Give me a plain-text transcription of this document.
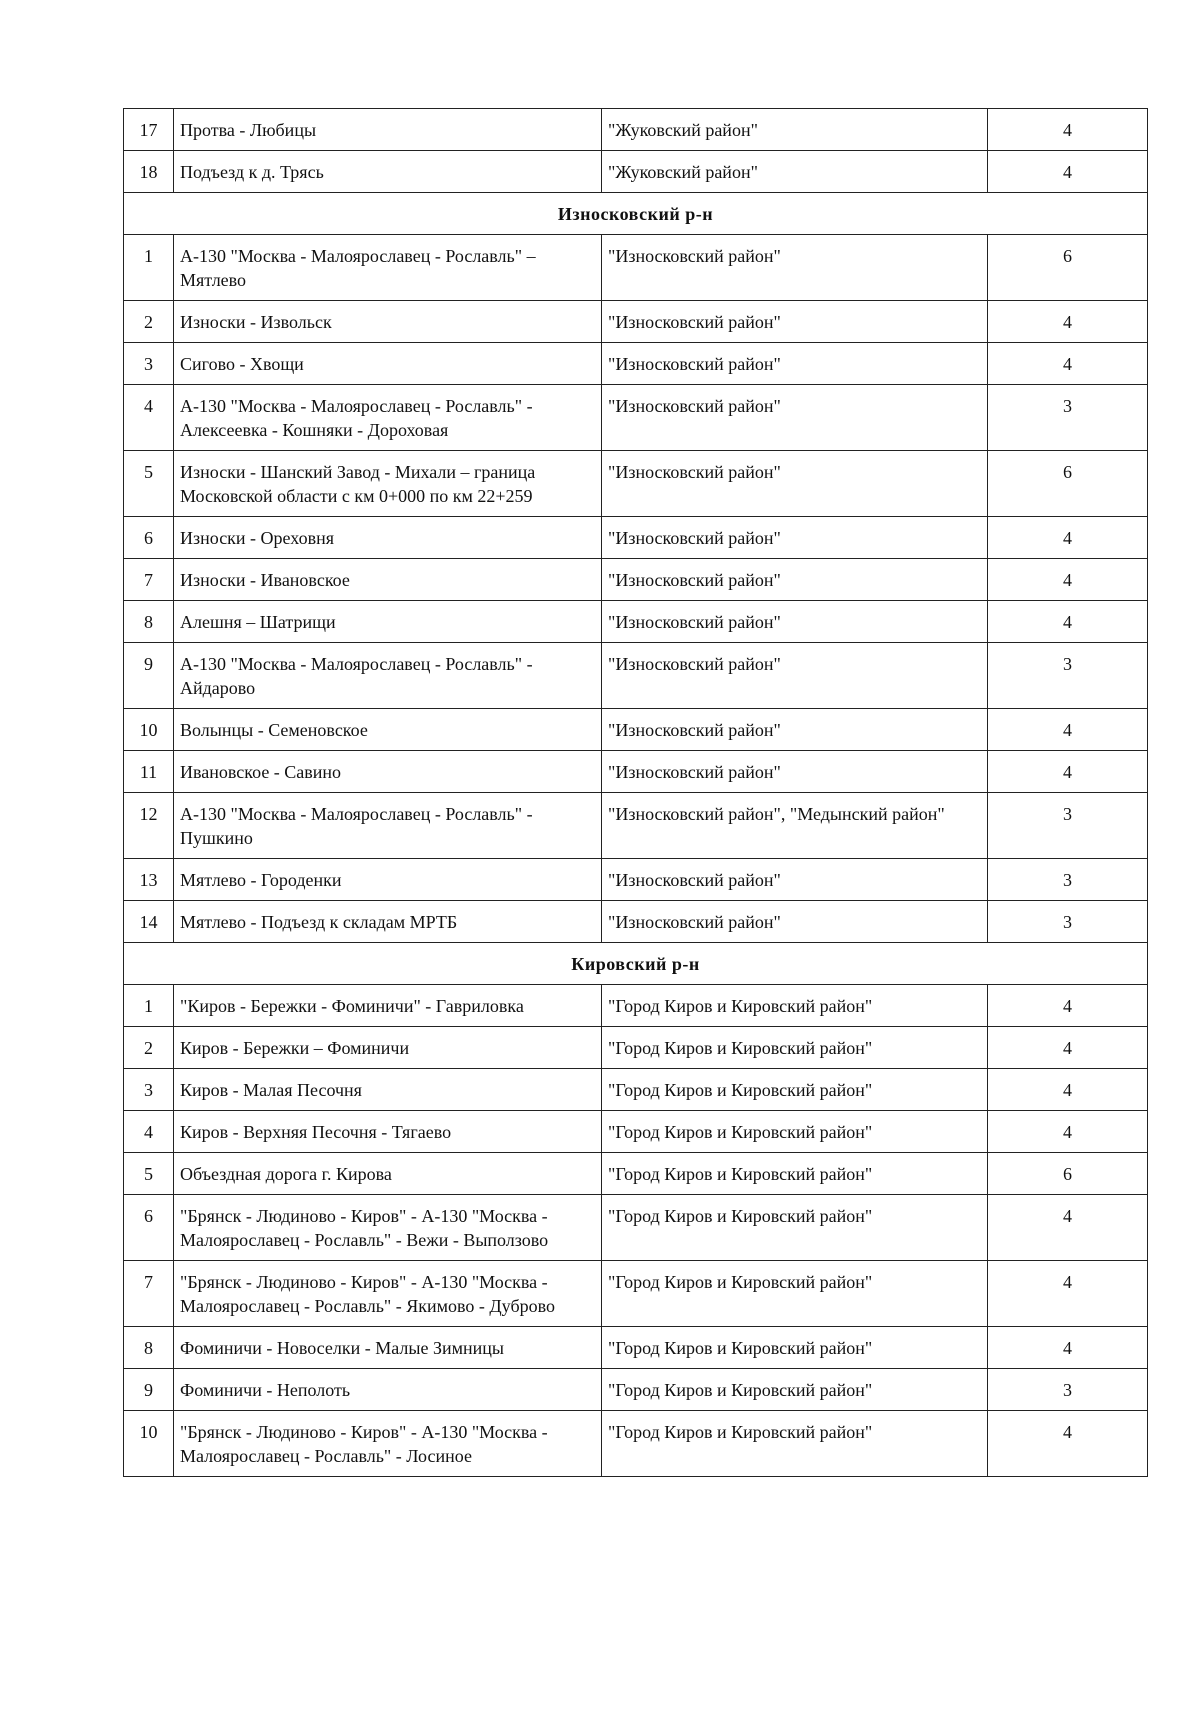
17	Протва - Любицы	"Жуковский район"	4
18	Подъезд к д. Трясь	"Жуковский район"	4
Износковский р-н			
1	А-130 "Москва - Малоярославец - Рославль" – Мятлево	"Износковский район"	6
2	Износки - Извольск	"Износковский район"	4
3	Сигово - Хвощи	"Износковский район"	4
4	А-130 "Москва - Малоярославец - Рославль" - Алексеевка - Кошняки - Дороховая	"Износковский район"	3
5	Износки - Шанский Завод - Михали – граница Московской области с км 0+000 по км 22+259	"Износковский район"	6
6	Износки - Ореховня	"Износковский район"	4
7	Износки - Ивановское	"Износковский район"	4
8	Алешня – Шатрищи	"Износковский район"	4
9	А-130 "Москва - Малоярославец - Рославль" - Айдарово	"Износковский район"	3
10	Волынцы - Семеновское	"Износковский район"	4
11	Ивановское - Савино	"Износковский район"	4
12	А-130 "Москва - Малоярославец - Рославль" - Пушкино	"Износковский район", "Медынский район"	3
13	Мятлево - Городенки	"Износковский район"	3
14	Мятлево - Подъезд к складам МРТБ	"Износковский район"	3
Кировский р-н			
1	"Киров - Бережки - Фоминичи" - Гавриловка	"Город Киров и Кировский район"	4
2	Киров - Бережки – Фоминичи	"Город Киров и Кировский район"	4
3	Киров - Малая Песочня	"Город Киров и Кировский район"	4
4	Киров - Верхняя Песочня - Тягаево	"Город Киров и Кировский район"	4
5	Объездная дорога г. Кирова	"Город Киров и Кировский район"	6
6	"Брянск - Людиново - Киров" - А-130 "Москва - Малоярославец - Рославль" - Вежи - Выползово	"Город Киров и Кировский район"	4
7	"Брянск - Людиново - Киров" - А-130 "Москва - Малоярославец - Рославль" - Якимово - Дуброво	"Город Киров и Кировский район"	4
8	Фоминичи - Новоселки - Малые Зимницы	"Город Киров и Кировский район"	4
9	Фоминичи - Неполоть	"Город Киров и Кировский район"	3
10	"Брянск - Людиново - Киров" - А-130 "Москва - Малоярославец - Рославль" - Лосиное	"Город Киров и Кировский район"	4
